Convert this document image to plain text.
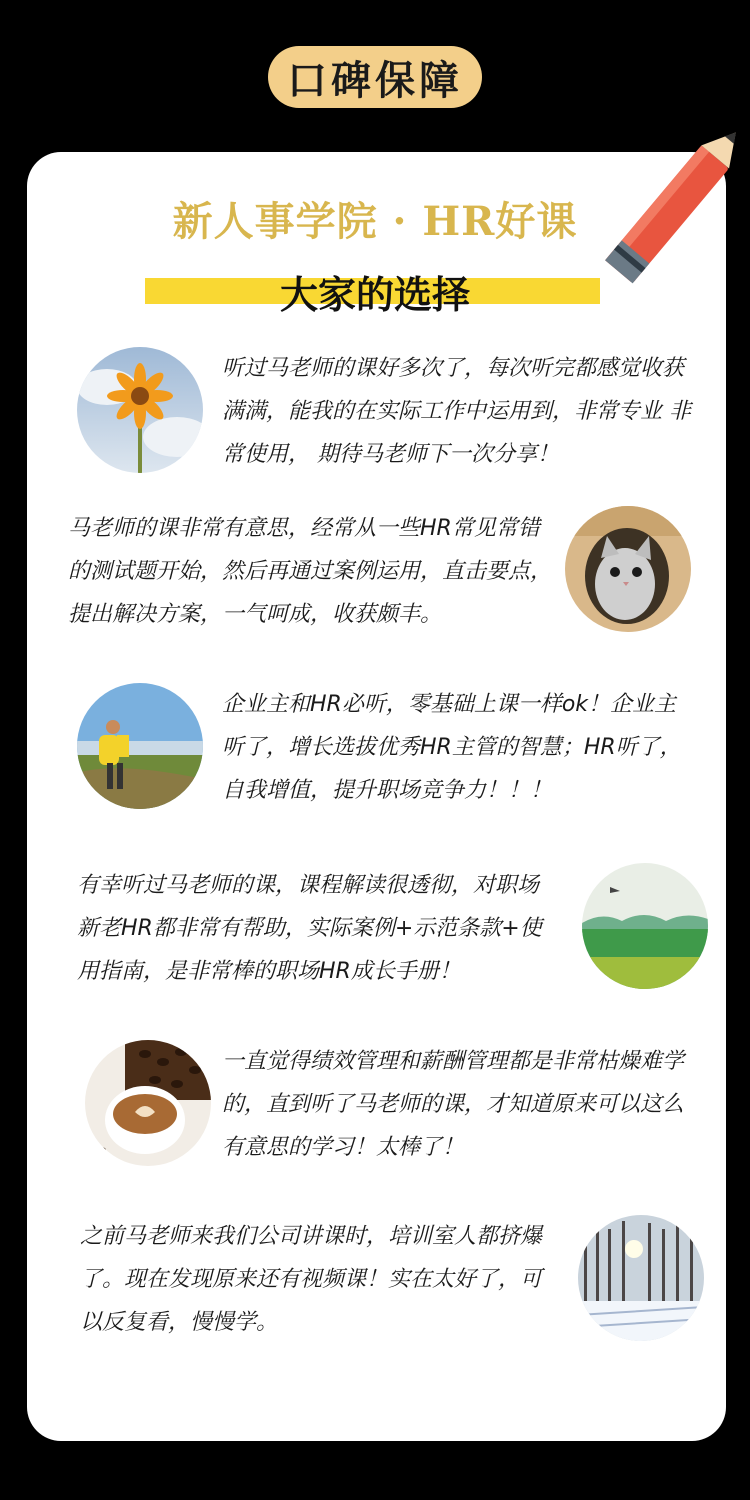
口碑保障
新人事学院 · HR好课
大家的选择

听过马老师的课好多次了，每次听完都感觉收获满满，能我的在实际工作中运用到，非常专业 非常使用， 期待马老师下一次分享！

马老师的课非常有意思，经常从一些HR常见常错的测试题开始，然后再通过案例运用，直击要点，提出解决方案，一气呵成，收获颇丰。

企业主和HR必听，零基础上课一样ok！企业主听了，增长选拔优秀HR主管的智慧；HR听了，自我增值，提升职场竞争力！！！

有幸听过马老师的课，课程解读很透彻，对职场新老HR都非常有帮助，实际案例+示范条款+使用指南，是非常棒的职场HR成长手册！

一直觉得绩效管理和薪酬管理都是非常枯燥难学的，直到听了马老师的课，才知道原来可以这么有意思的学习！太棒了！

之前马老师来我们公司讲课时，培训室人都挤爆了。现在发现原来还有视频课！实在太好了，可以反复看，慢慢学。
